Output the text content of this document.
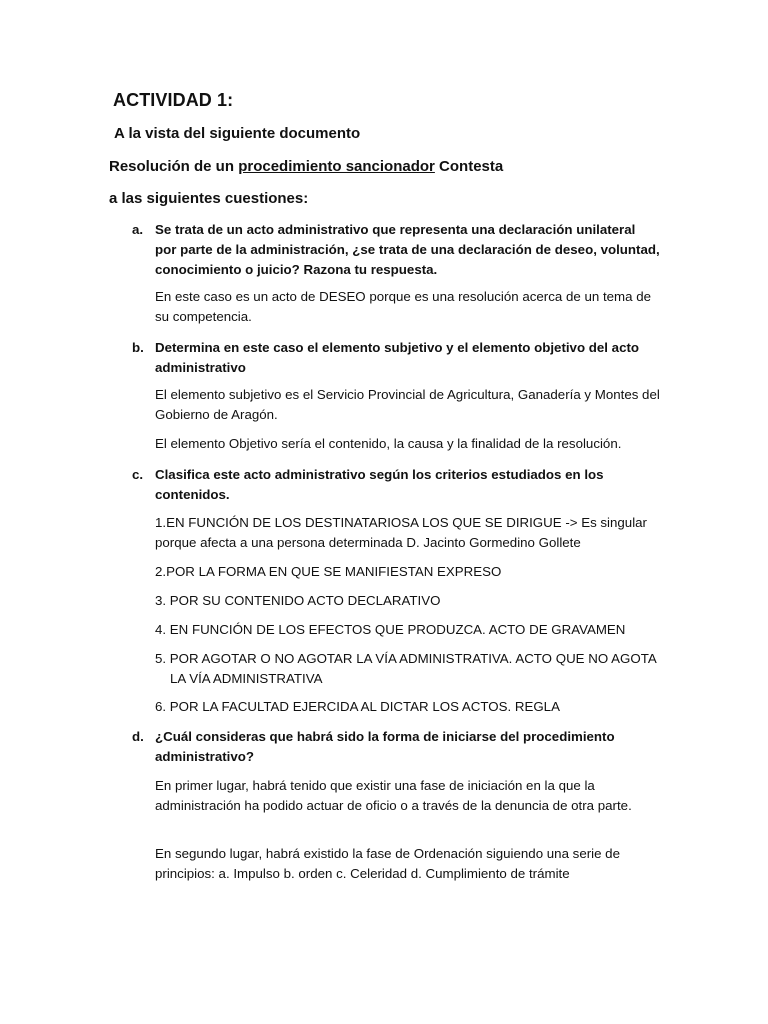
ACTIVIDAD 1:
A la vista del siguiente documento
Resolución de un procedimiento sancionador Contesta
a las siguientes cuestiones:
a. Se trata de un acto administrativo que representa una declaración unilateral por parte de la administración, ¿se trata de una declaración de deseo, voluntad, conocimiento o juicio? Razona tu respuesta.
En este caso es un acto de DESEO porque es una resolución acerca de un tema de su competencia.
b. Determina en este caso el elemento subjetivo y el elemento objetivo del acto administrativo
El elemento subjetivo es el Servicio Provincial de Agricultura, Ganadería y Montes del Gobierno de Aragón.
El elemento Objetivo sería el contenido, la causa y la finalidad de la resolución.
c. Clasifica este acto administrativo según los criterios estudiados en los contenidos.
1.EN FUNCIÓN DE LOS DESTINATARIOSA LOS QUE SE DIRIGUE -> Es singular porque afecta a una persona determinada D. Jacinto Gormedino Gollete
2.POR LA FORMA EN QUE SE MANIFIESTAN EXPRESO
3. POR SU CONTENIDO ACTO DECLARATIVO
4. EN FUNCIÓN DE LOS EFECTOS QUE PRODUZCA. ACTO DE GRAVAMEN
5. POR AGOTAR O NO AGOTAR LA VÍA ADMINISTRATIVA. ACTO QUE NO AGOTA LA VÍA ADMINISTRATIVA
6. POR LA FACULTAD EJERCIDA AL DICTAR LOS ACTOS. REGLA
d. ¿Cuál consideras que habrá sido la forma de iniciarse del procedimiento administrativo?
En primer lugar, habrá tenido que existir una fase de iniciación en la que la administración ha podido actuar de oficio o a través de la denuncia de otra parte.
En segundo lugar, habrá existido la fase de Ordenación siguiendo una serie de principios: a. Impulso b. orden c. Celeridad d. Cumplimiento de trámite
